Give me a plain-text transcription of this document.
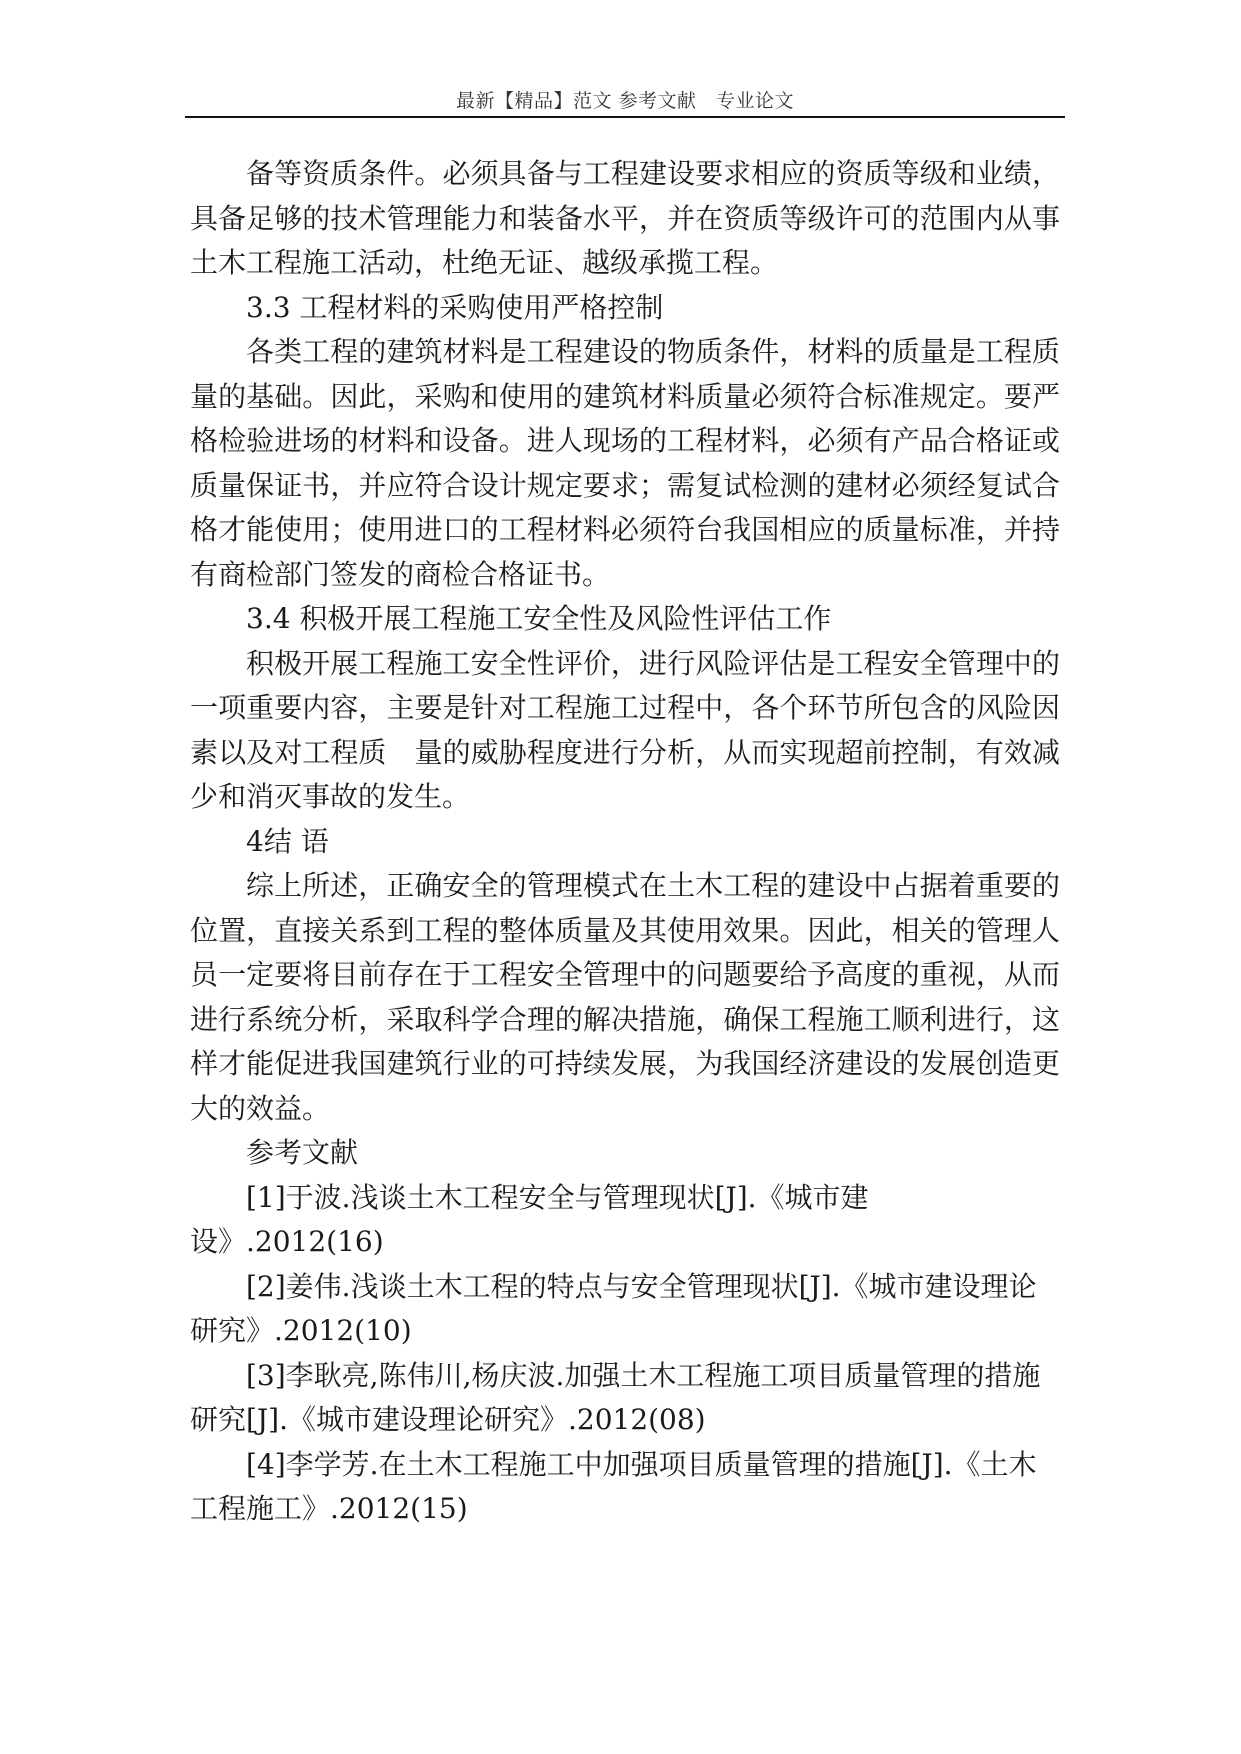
最新【精品】范文 参考文献　专业论文

备等资质条件。必须具备与工程建设要求相应的资质等级和业绩，具备足够的技术管理能力和装备水平，并在资质等级许可的范围内从事土木工程施工活动，杜绝无证、越级承揽工程。

3.3 工程材料的采购使用严格控制

各类工程的建筑材料是工程建设的物质条件，材料的质量是工程质量的基础。因此，采购和使用的建筑材料质量必须符合标准规定。要严格检验进场的材料和设备。进人现场的工程材料，必须有产品合格证或质量保证书，并应符合设计规定要求；需复试检测的建材必须经复试合格才能使用；使用进口的工程材料必须符台我国相应的质量标准，并持有商检部门签发的商检合格证书。

3.4 积极开展工程施工安全性及风险性评估工作

积极开展工程施工安全性评价，进行风险评估是工程安全管理中的一项重要内容，主要是针对工程施工过程中，各个环节所包含的风险因素以及对工程质　量的威胁程度进行分析，从而实现超前控制，有效减少和消灭事故的发生。

4结 语

综上所述，正确安全的管理模式在土木工程的建设中占据着重要的位置，直接关系到工程的整体质量及其使用效果。因此，相关的管理人员一定要将目前存在于工程安全管理中的问题要给予高度的重视，从而进行系统分析，采取科学合理的解决措施，确保工程施工顺利进行，这样才能促进我国建筑行业的可持续发展，为我国经济建设的发展创造更大的效益。

参考文献

[1]于波.浅谈土木工程安全与管理现状[J].《城市建设》.2012(16)

[2]姜伟.浅谈土木工程的特点与安全管理现状[J].《城市建设理论研究》.2012(10)

[3]李耿亮,陈伟川,杨庆波.加强土木工程施工项目质量管理的措施研究[J].《城市建设理论研究》.2012(08)

[4]李学芳.在土木工程施工中加强项目质量管理的措施[J].《土木工程施工》.2012(15)
